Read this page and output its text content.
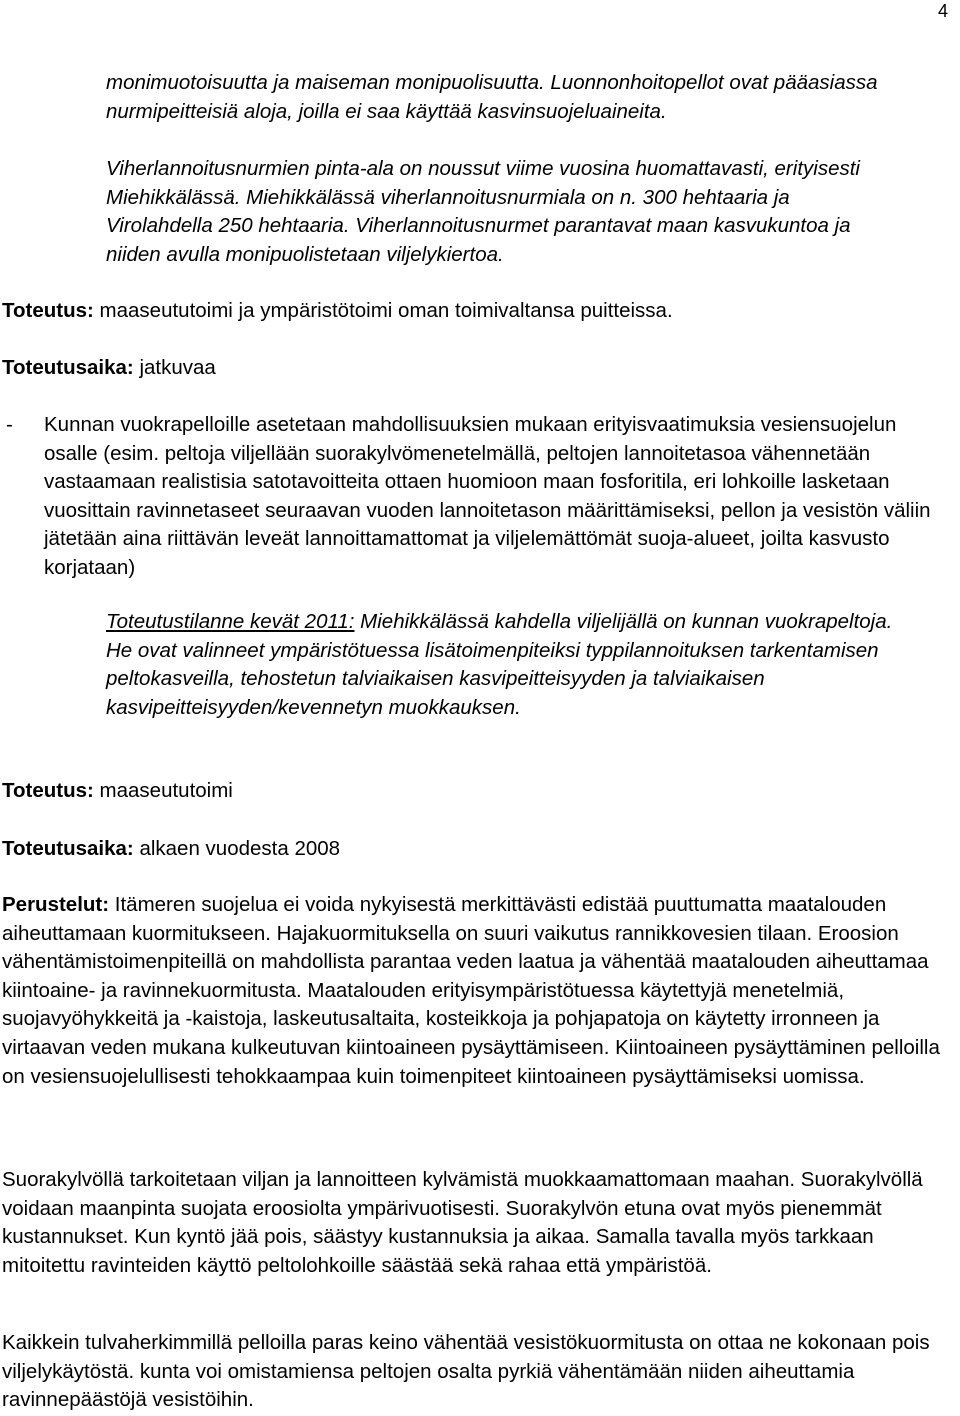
4

monimuotoisuutta ja maiseman monipuolisuutta. Luonnonhoitopellot ovat pääasiassa nurmipeitteisiä aloja, joilla ei saa käyttää kasvinsuojeluaineita.

Viherlannoitusnurmien pinta-ala on noussut viime vuosina huomattavasti, erityisesti Miehikkälässä. Miehikkälässä viherlannoitusnurmiala on n. 300 hehtaaria ja Virolahdella 250 hehtaaria. Viherlannoitusnurmet parantavat maan kasvukuntoa ja niiden avulla monipuolistetaan viljelykiertoa.

Toteutus: maaseututoimi ja ympäristötoimi oman toimivaltansa puitteissa.

Toteutusaika: jatkuvaa

- Kunnan vuokrapelloille asetetaan mahdollisuuksien mukaan erityisvaatimuksia vesiensuojelun osalle (esim. peltoja viljellään suorakylvömenetelmällä, peltojen lannoitetasoa vähennetään vastaamaan realistisia satotavoitteita ottaen huomioon maan fosforitila, eri lohkoille lasketaan vuosittain ravinnetaseet seuraavan vuoden lannoitetason määrittämiseksi, pellon ja vesistön väliin jätetään aina riittävän leveät lannoittamattomat ja viljelemättömät suoja-alueet, joilta kasvusto korjataan)

Toteutustilanne kevät 2011: Miehikkälässä kahdella viljelijällä on kunnan vuokrapeltoja. He ovat valinneet ympäristötuessa lisätoimenpiteiksi typpilannoituksen tarkentamisen peltokasveilla, tehostetun talviaikaisen kasvipeitteisyyden ja talviaikaisen kasvipeitteisyyden/kevennetyn muokkauksen.

Toteutus: maaseututoimi

Toteutusaika: alkaen vuodesta 2008

Perustelut: Itämeren suojelua ei voida nykyisestä merkittävästi edistää puuttumatta maatalouden aiheuttamaan kuormitukseen. Hajakuormituksella on suuri vaikutus rannikkovesien tilaan. Eroosion vähentämistoimenpiteillä on mahdollista parantaa veden laatua ja vähentää maatalouden aiheuttamaa kiintoaine- ja ravinnekuormitusta. Maatalouden erityisympäristötuessa käytettyjä menetelmiä, suojavyöhykkeitä ja -kaistoja, laskeutusaltaita, kosteikkoja ja pohjapatoja on käytetty irronneen ja virtaavan veden mukana kulkeutuvan kiintoaineen pysäyttämiseen. Kiintoaineen pysäyttäminen pelloilla on vesiensuojelullisesti tehokkaampaa kuin toimenpiteet kiintoaineen pysäyttämiseksi uomissa.

Suorakylvöllä tarkoitetaan viljan ja lannoitteen kylvämistä muokkaamattomaan maahan. Suorakylvöllä voidaan maanpinta suojata eroosiolta ympärivuotisesti. Suorakylvön etuna ovat myös pienemmät kustannukset. Kun kyntö jää pois, säästyy kustannuksia ja aikaa. Samalla tavalla myös tarkkaan mitoitettu ravinteiden käyttö peltolohkoille säästää sekä rahaa että ympäristöä.

Kaikkein tulvaherkimmillä pelloilla paras keino vähentää vesistökuormitusta on ottaa ne kokonaan pois viljelykäytöstä. kunta voi omistamiensa peltojen osalta pyrkiä vähentämään niiden aiheuttamia ravinnepäästöjä vesistöihin.
